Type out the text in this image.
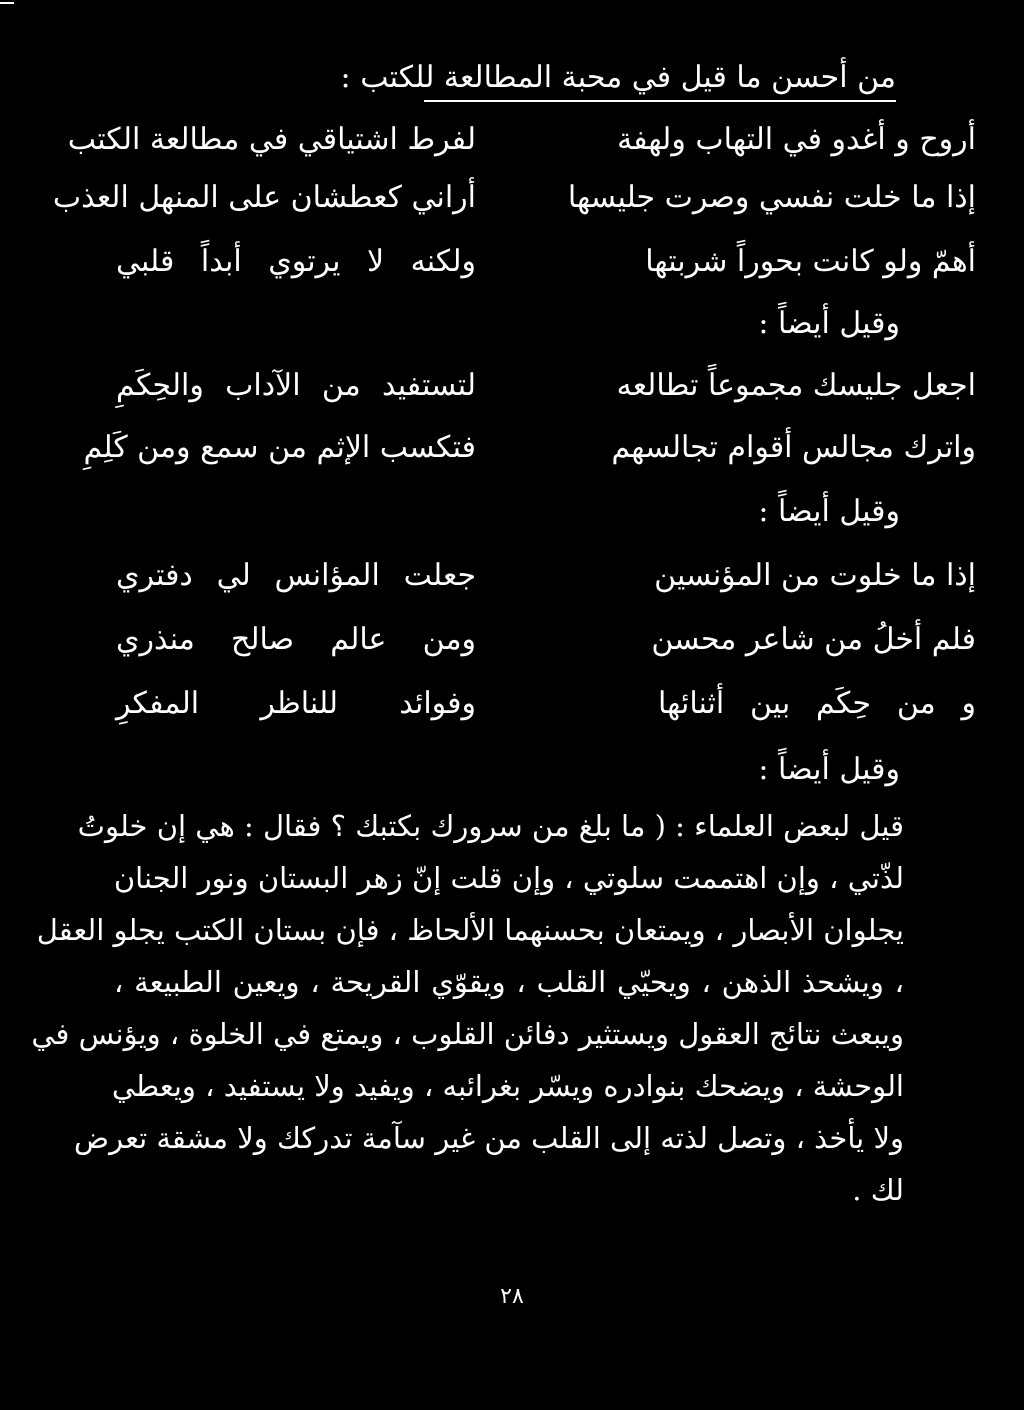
من أحسن ما قيل في محبة المطالعة للكتب :
أروح و أغدو في التهاب ولهفة
لفرط اشتياقي في مطالعة الكتب
إذا ما خلت نفسي وصرت جليسها
أراني كعطشان على المنهل العذب
أهمّ ولو كانت بحوراً شربتها
ولكنه لا يرتوي أبداً قلبي
وقيل أيضاً :
اجعل جليسك مجموعاً تطالعه
لتستفيد من الآداب والحِكَمِ
واترك مجالس أقوام تجالسهم
فتكسب الإثم من سمع ومن كَلِمِ
وقيل أيضاً :
إذا ما خلوت من المؤنسين
جعلت المؤانس لي دفتري
فلم أخلُ من شاعر محسن
ومن عالم صالح منذري
و من حِكَم بين أثنائها
وفوائد للناظر المفكرِ
وقيل أيضاً :
قيل لبعض العلماء : ( ما بلغ من سرورك بكتبك ؟ فقال : هي إن خلوتُ
لذّتي ، وإن اهتممت سلوتي ، وإن قلت إنّ زهر البستان ونور الجنان
يجلوان الأبصار ، ويمتعان بحسنهما الألحاظ ، فإن بستان الكتب يجلو العقل
، ويشحذ الذهن ، ويحيّي القلب ، ويقوّي القريحة ، ويعين الطبيعة ،
ويبعث نتائج العقول ويستثير دفائن القلوب ، ويمتع في الخلوة ، ويؤنس في
الوحشة ، ويضحك بنوادره ويسّر بغرائبه ، ويفيد ولا يستفيد ، ويعطي
ولا يأخذ ، وتصل لذته إلى القلب من غير سآمة تدركك ولا مشقة تعرض
لك .
٢٨
